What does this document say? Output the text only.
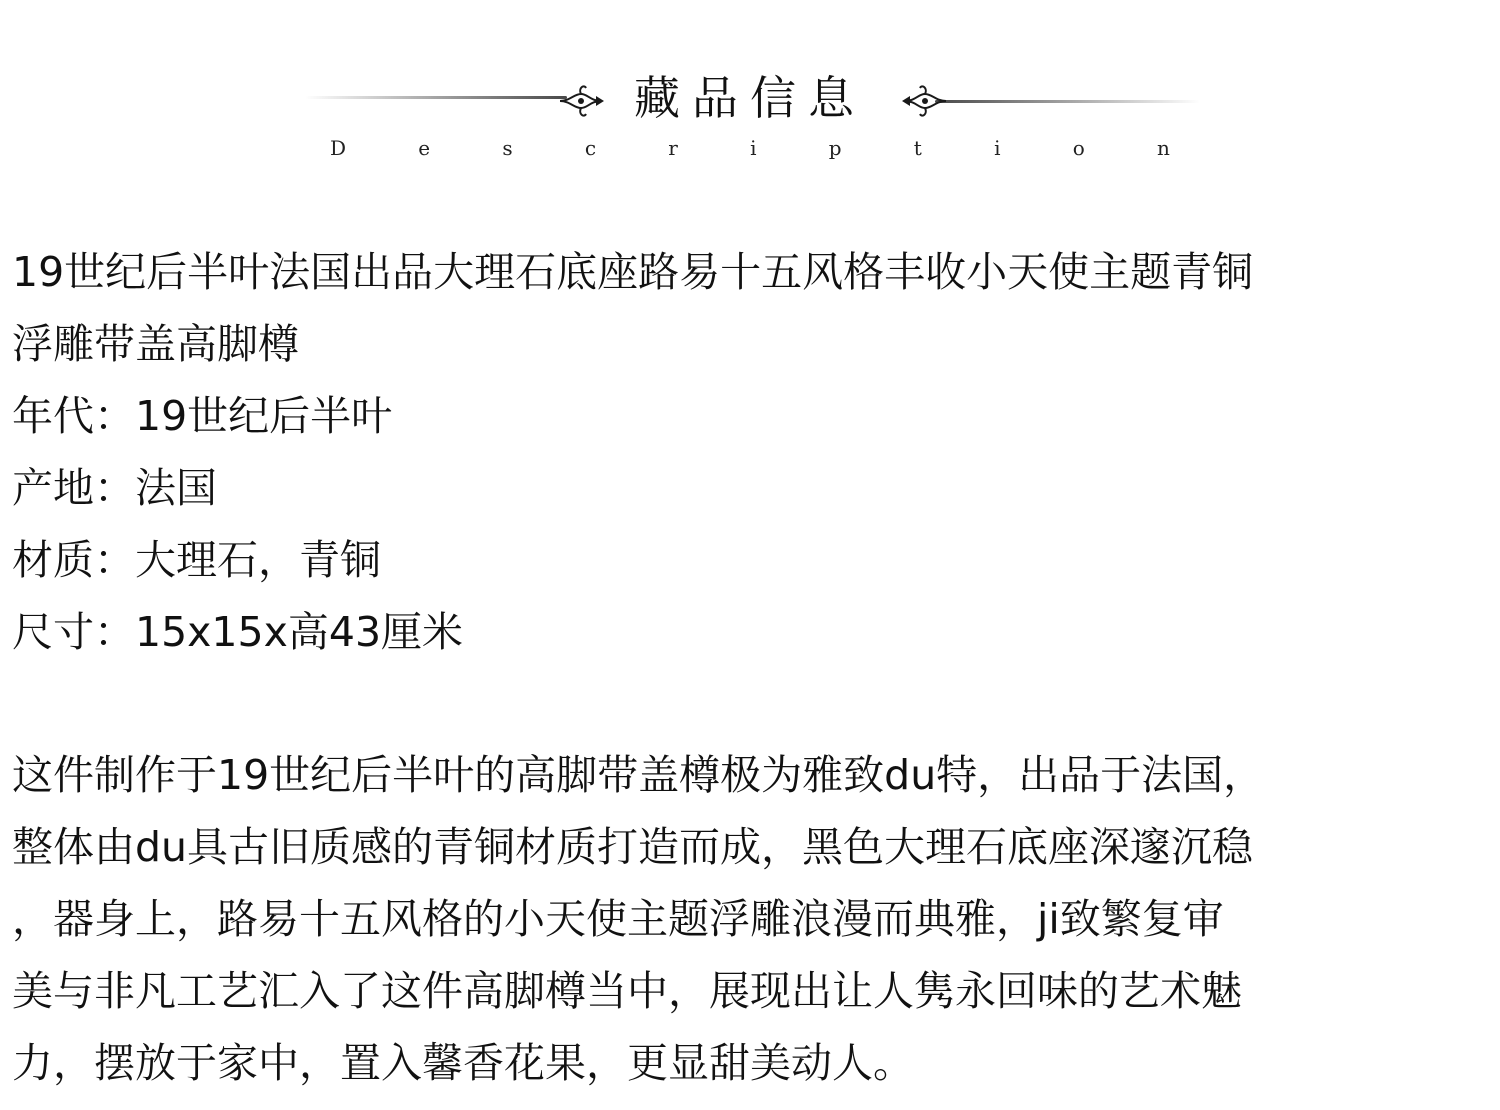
藏品信息
D	e	s	c	r	i	p	t	i	o	n
19世纪后半叶法国出品大理石底座路易十五风格丰收小天使主题青铜
浮雕带盖高脚樽
年代：19世纪后半叶
产地：法国
材质：大理石，青铜
尺寸：15x15x高43厘米
这件制作于19世纪后半叶的高脚带盖樽极为雅致du特，出品于法国，
整体由du具古旧质感的青铜材质打造而成，黑色大理石底座深邃沉稳
，器身上，路易十五风格的小天使主题浮雕浪漫而典雅，ji致繁复审
美与非凡工艺汇入了这件高脚樽当中，展现出让人隽永回味的艺术魅
力，摆放于家中，置入馨香花果，更显甜美动人。
